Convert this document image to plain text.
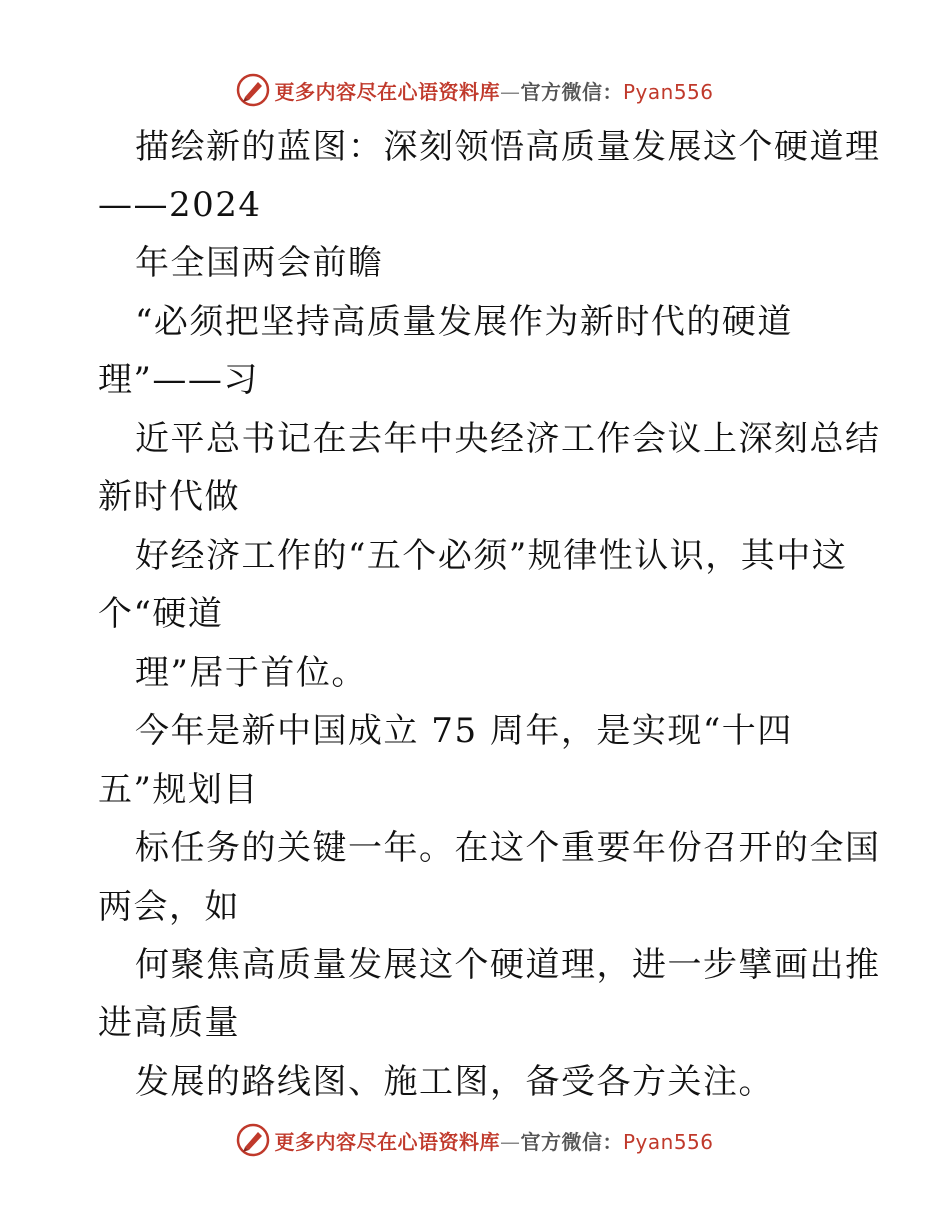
更多内容尽在心语资料库—官方微信：Pyan556
描绘新的蓝图：深刻领悟高质量发展这个硬道理
——2024
年全国两会前瞻
“必须把坚持高质量发展作为新时代的硬道
理”——习
近平总书记在去年中央经济工作会议上深刻总结
新时代做
好经济工作的“五个必须”规律性认识，其中这
个“硬道
理”居于首位。
今年是新中国成立 75 周年，是实现“十四
五”规划目
标任务的关键一年。在这个重要年份召开的全国
两会，如
何聚焦高质量发展这个硬道理，进一步擘画出推
进高质量
发展的路线图、施工图，备受各方关注。
更多内容尽在心语资料库—官方微信：Pyan556
